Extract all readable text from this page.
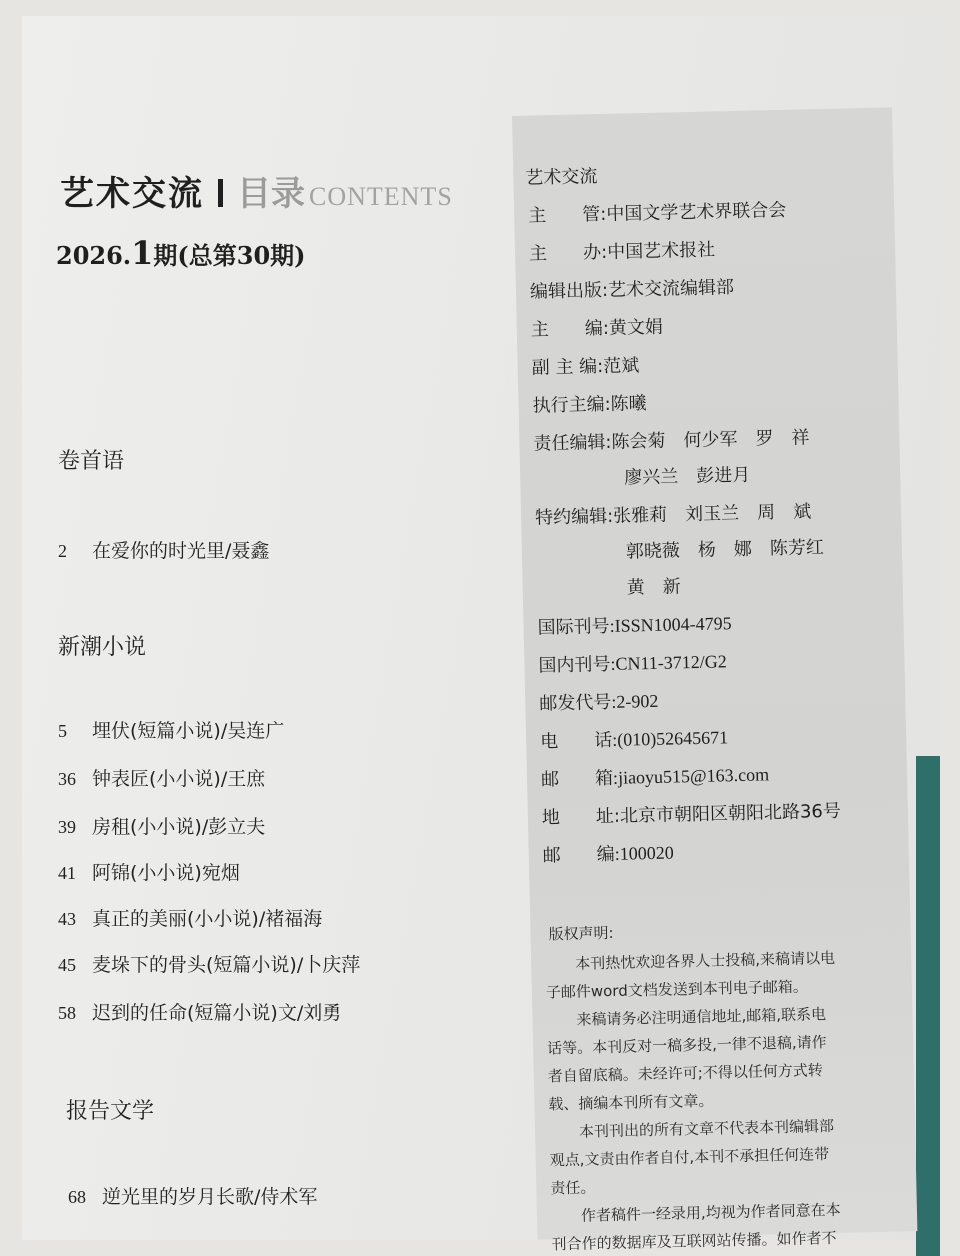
艺术交流 目录 CONTENTS
2026.1期(总第30期)
卷首语
2 在爱你的时光里/聂鑫
新潮小说
5 埋伏(短篇小说)/吴连广
36 钟表匠(小小说)/王庶
39 房租(小小说)/彭立夫
41 阿锦(小小说)宛烟
43 真正的美丽(小小说)/褚福海
45 麦垛下的骨头(短篇小说)/卜庆萍
58 迟到的任命(短篇小说)文/刘勇
报告文学
68 逆光里的岁月长歌/侍术军
艺术交流
主　　管:中国文学艺术界联合会
主　　办:中国艺术报社
编辑出版:艺术交流编辑部
主　　编:黄文娟
副 主 编:范斌
执行主编:陈曦
责任编辑:陈会菊　何少军　罗　祥
廖兴兰　彭进月
特约编辑:张雅莉　刘玉兰　周　斌
郭晓薇　杨　娜　陈芳红
黄　新
国际刊号:ISSN1004-4795
国内刊号:CN11-3712/G2
邮发代号:2-902
电　　话:(010)52645671
邮　　箱:jiaoyu515@163.com
地　　址:北京市朝阳区朝阳北路36号
邮　　编:100020
版权声明:
　　本刊热忱欢迎各界人士投稿,来稿请以电
子邮件word文档发送到本刊电子邮箱。
　　来稿请务必注明通信地址,邮箱,联系电
话等。本刊反对一稿多投,一律不退稿,请作
者自留底稿。未经许可;不得以任何方式转
载、摘编本刊所有文章。
　　本刊刊出的所有文章不代表本刊编辑部
观点,文责由作者自付,本刊不承担任何连带
责任。
　　作者稿件一经录用,均视为作者同意在本
刊合作的数据库及互联网站传播。如作者不
